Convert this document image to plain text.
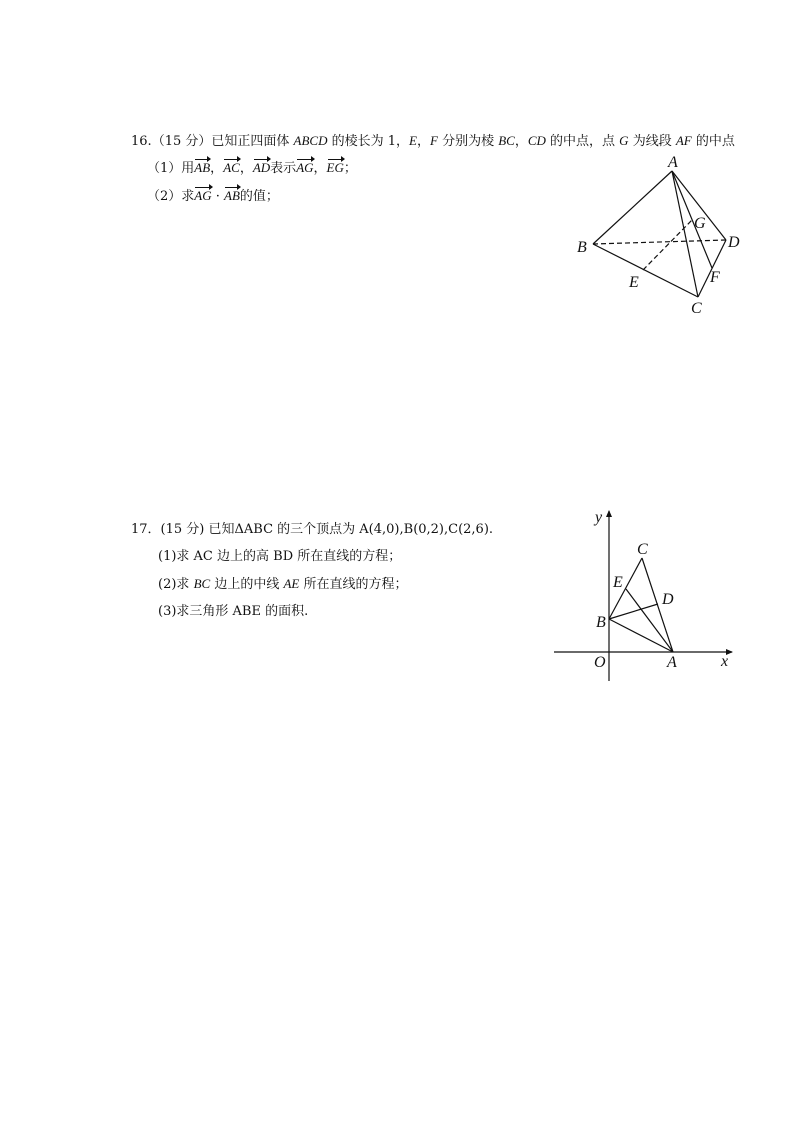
16.（15 分）已知正四面体 ABCD 的棱长为 1，E，F 分别为棱 BC，CD 的中点，点 G 为线段 AF 的中点
（1）用AB，AC，AD表示AG，EG；
（2）求AG · AB的值；
A
B
C
D
E	F
G
17．(15 分) 已知ΔABC 的三个顶点为 A(4,0),B(0,2),C(2,6).
(1)求 AC 边上的高 BD 所在直线的方程；
(2)求 BC 边上的中线 AE 所在直线的方程；
(3)求三角形 ABE 的面积.
y
x
O	A
B
C
D
E
